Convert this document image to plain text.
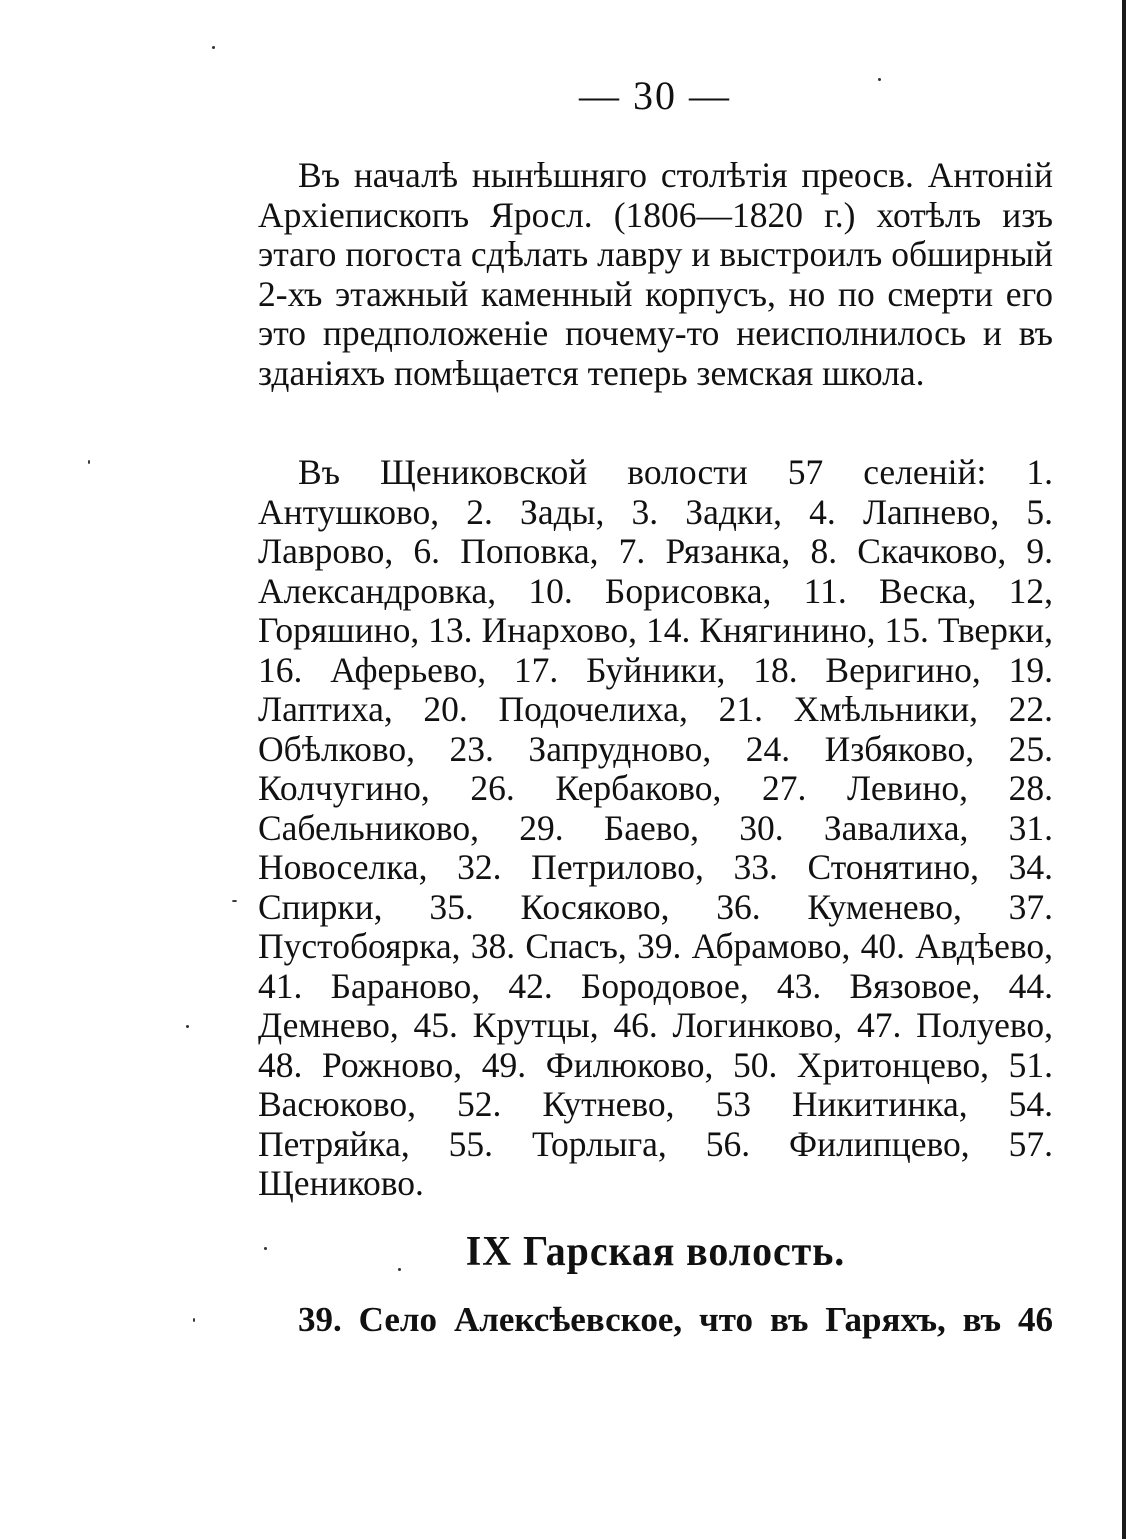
— 30 —

Въ началѣ нынѣшняго столѣтія преосв. Антоній Архіепископъ Яросл. (1806—1820 г.) хотѣлъ изъ этаго погоста сдѣлать лавру и выстроилъ обширный 2-хъ этажный каменный корпусъ, но по смерти его это предположеніе почему-то неисполнилось и въ зданіяхъ помѣщается теперь земская школа.

Въ Щениковской волости 57 селеній: 1. Антушково, 2. Зады, 3. Задки, 4. Лапнево, 5. Лаврово, 6. Поповка, 7. Рязанка, 8. Скачково, 9. Александровка, 10. Борисовка, 11. Веска, 12, Горяшино, 13. Инархово, 14. Княгинино, 15. Тверки, 16. Аферьево, 17. Буйники, 18. Веригино, 19. Лаптиха, 20. Подочелиха, 21. Хмѣльники, 22. Обѣлково, 23. Запрудново, 24. Избяково, 25. Колчугино, 26. Кербаково, 27. Левино, 28. Сабельниково, 29. Баево, 30. Завалиха, 31. Новоселка, 32. Петрилово, 33. Стонятино, 34. Спирки, 35. Косяково, 36. Куменево, 37. Пустобоярка, 38. Спасъ, 39. Абрамово, 40. Авдѣево, 41. Бараново, 42. Бородовое, 43. Вязовое, 44. Демнево, 45. Крутцы, 46. Логинково, 47. Полуево, 48. Рожново, 49. Филюково, 50. Хритонцево, 51. Васюково, 52. Кутнево, 53 Никитинка, 54. Петряйка, 55. Торлыга, 56. Филипцево, 57. Щениково.

IX Гарская волость.
39. Село Алексѣевское, что въ Гаряхъ, въ 46
